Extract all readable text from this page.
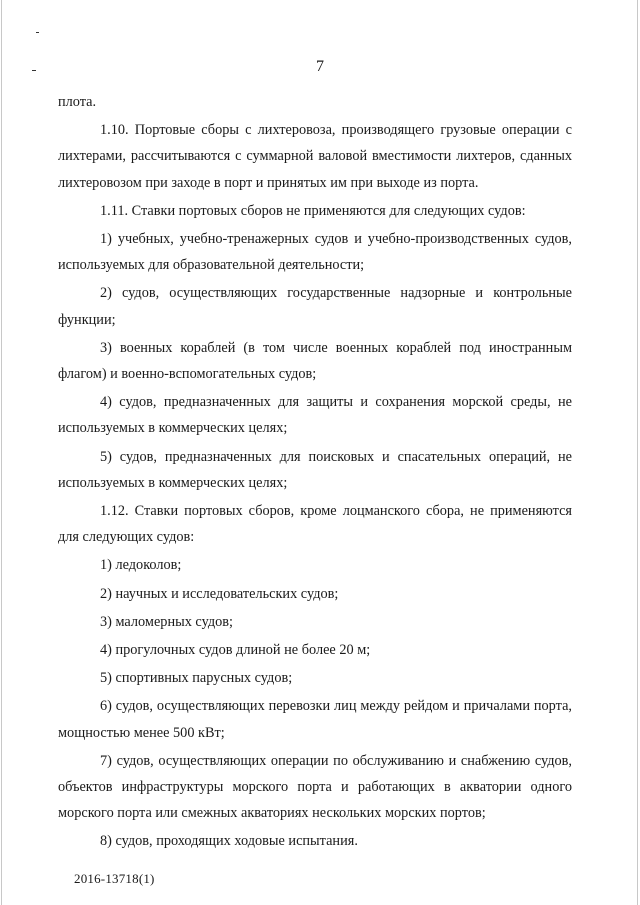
7

плота.

1.10. Портовые сборы с лихтеровоза, производящего грузовые операции с лихтерами, рассчитываются с суммарной валовой вместимости лихтеров, сданных лихтеровозом при заходе в порт и принятых им при выходе из порта.

1.11. Ставки портовых сборов не применяются для следующих судов:

1) учебных, учебно-тренажерных судов и учебно-производственных судов, используемых для образовательной деятельности;

2) судов, осуществляющих государственные надзорные и контрольные функции;

3) военных кораблей (в том числе военных кораблей под иностранным флагом) и военно-вспомогательных судов;

4) судов, предназначенных для защиты и сохранения морской среды, не используемых в коммерческих целях;

5) судов, предназначенных для поисковых и спасательных операций, не используемых в коммерческих целях;

1.12. Ставки портовых сборов, кроме лоцманского сбора, не применяются для следующих судов:

1) ледоколов;

2) научных и исследовательских судов;

3) маломерных судов;

4) прогулочных судов длиной не более 20 м;

5) спортивных парусных судов;

6) судов, осуществляющих перевозки лиц между рейдом и причалами порта, мощностью менее 500 кВт;

7) судов, осуществляющих операции по обслуживанию и снабжению судов, объектов инфраструктуры морского порта и работающих в акватории одного морского порта или смежных акваториях нескольких морских портов;

8) судов, проходящих ходовые испытания.

2016-13718(1)
